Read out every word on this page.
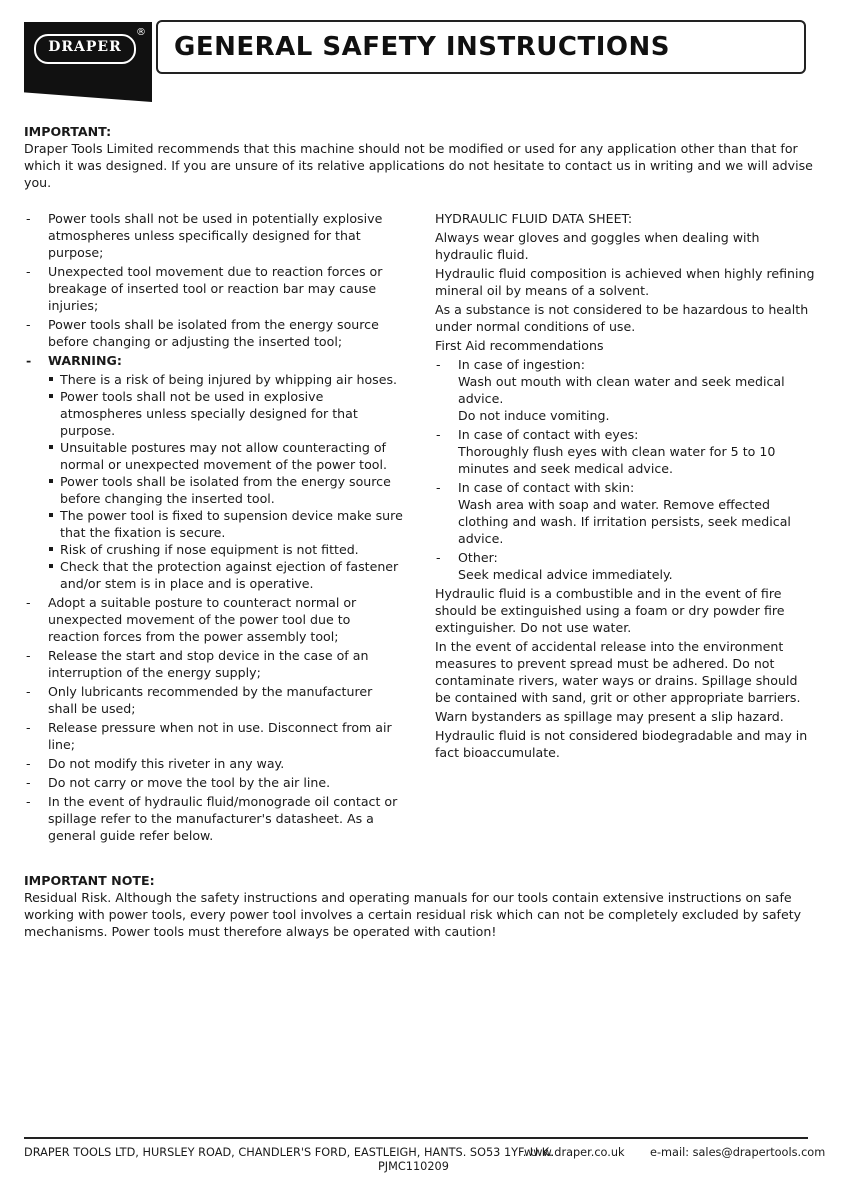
DRAPER
® GENERAL SAFETY INSTRUCTIONS
IMPORTANT:
Draper Tools Limited recommends that this machine should not be modified or used for any application other than that for which it was designed. If you are unsure of its relative applications do not hesitate to contact us in writing and we will advise you.
- Power tools shall not be used in potentially explosive atmospheres unless specifically designed for that purpose;
- Unexpected tool movement due to reaction forces or breakage of inserted tool or reaction bar may cause injuries;
- Power tools shall be isolated from the energy source before changing or adjusting the inserted tool;
- WARNING:
There is a risk of being injured by whipping air hoses.
Power tools shall not be used in explosive atmospheres unless specially designed for that purpose.
Unsuitable postures may not allow counteracting of normal or unexpected movement of the power tool.
Power tools shall be isolated from the energy source before changing the inserted tool.
The power tool is fixed to supension device make sure that the fixation is secure.
Risk of crushing if nose equipment is not fitted.
Check that the protection against ejection of fastener and/or stem is in place and is operative.
- Adopt a suitable posture to counteract normal or unexpected movement of the power tool due to reaction forces from the power assembly tool;
- Release the start and stop device in the case of an interruption of the energy supply;
- Only lubricants recommended by the manufacturer shall be used;
- Release pressure when not in use. Disconnect from air line;
- Do not modify this riveter in any way.
- Do not carry or move the tool by the air line.
- In the event of hydraulic fluid/monograde oil contact or spillage refer to the manufacturer's datasheet. As a general guide refer below.

HYDRAULIC FLUID DATA SHEET:

Always wear gloves and goggles when dealing with hydraulic fluid.

Hydraulic fluid composition is achieved when highly refining mineral oil by means of a solvent.

As a substance is not considered to be hazardous to health under normal conditions of use.

First Aid recommendations

- In case of ingestion:
Wash out mouth with clean water and seek medical advice.
Do not induce vomiting.
- In case of contact with eyes:
Thoroughly flush eyes with clean water for 5 to 10 minutes and seek medical advice.
- In case of contact with skin:
Wash area with soap and water. Remove effected clothing and wash. If irritation persists, seek medical advice.
- Other:
Seek medical advice immediately.

Hydraulic fluid is a combustible and in the event of fire should be extinguished using a foam or dry powder fire extinguisher. Do not use water.

In the event of accidental release into the environment measures to prevent spread must be adhered. Do not contaminate rivers, water ways or drains. Spillage should be contained with sand, grit or other appropriate barriers.

Warn bystanders as spillage may present a slip hazard.

Hydraulic fluid is not considered biodegradable and may in fact bioaccumulate.

IMPORTANT NOTE:
Residual Risk. Although the safety instructions and operating manuals for our tools contain extensive instructions on safe working with power tools, every power tool involves a certain residual risk which can not be completely excluded by safety mechanisms. Power tools must therefore always be operated with caution!
DRAPER TOOLS LTD, HURSLEY ROAD, CHANDLER'S FORD, EASTLEIGH, HANTS. SO53 1YF. U.K.
www.draper.co.uk e-mail: sales@drapertools.com
PJMC110209
